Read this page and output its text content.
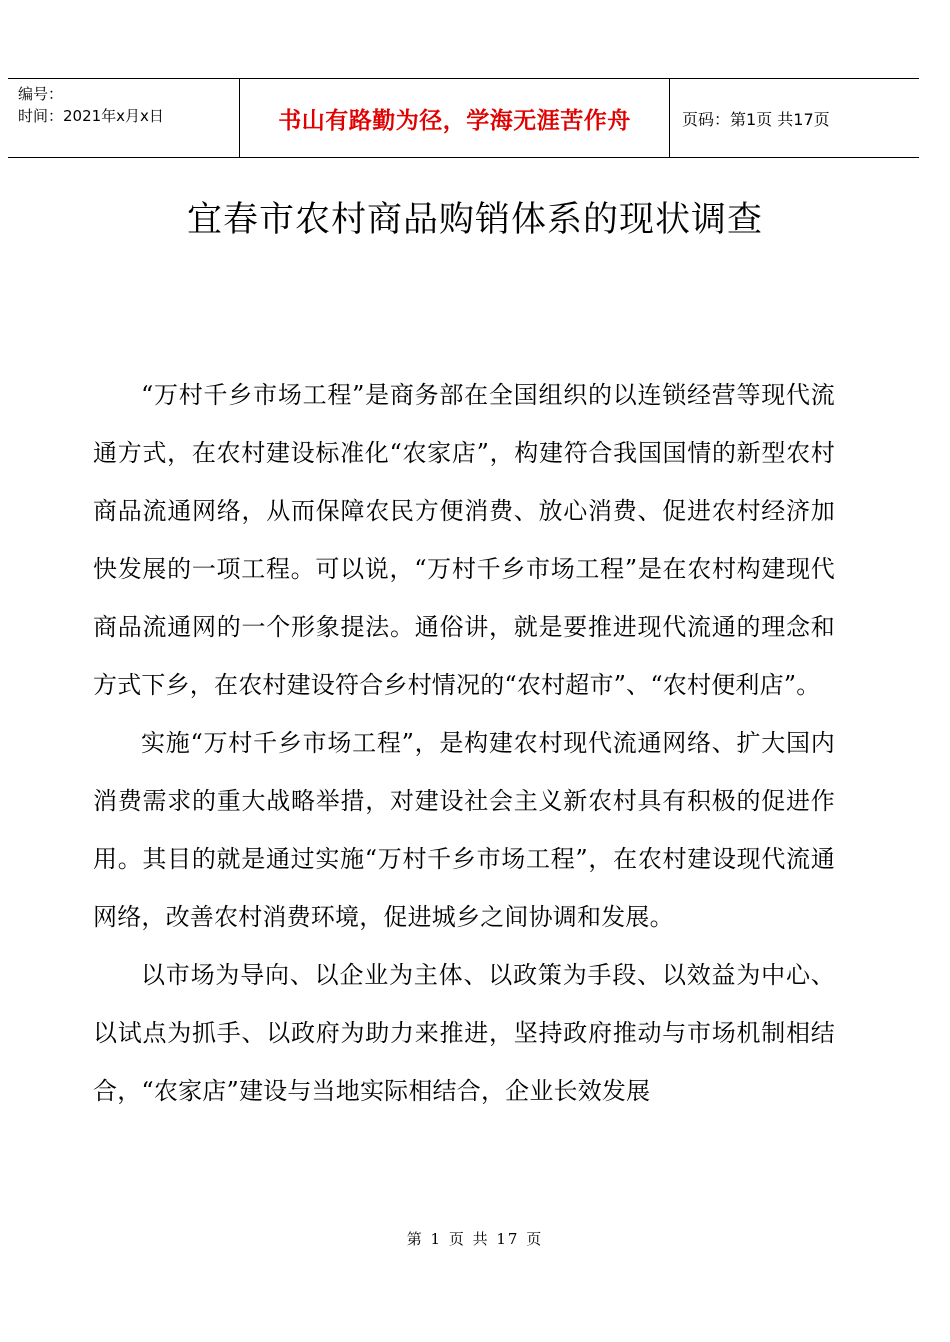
编号：
时间：2021年x月x日	书山有路勤为径，学海无涯苦作舟	页码：第1页 共17页
宜春市农村商品购销体系的现状调查

“万村千乡市场工程”是商务部在全国组织的以连锁经营等现代流通方式，在农村建设标准化“农家店”，构建符合我国国情的新型农村商品流通网络，从而保障农民方便消费、放心消费、促进农村经济加快发展的一项工程。可以说，“万村千乡市场工程”是在农村构建现代商品流通网的一个形象提法。通俗讲，就是要推进现代流通的理念和方式下乡，在农村建设符合乡村情况的“农村超市”、“农村便利店”。

实施“万村千乡市场工程”，是构建农村现代流通网络、扩大国内消费需求的重大战略举措，对建设社会主义新农村具有积极的促进作用。其目的就是通过实施“万村千乡市场工程”，在农村建设现代流通网络，改善农村消费环境，促进城乡之间协调和发展。

以市场为导向、以企业为主体、以政策为手段、以效益为中心、以试点为抓手、以政府为助力来推进，坚持政府推动与市场机制相结合，“农家店”建设与当地实际相结合，企业长效发展

第 1 页 共 17 页
